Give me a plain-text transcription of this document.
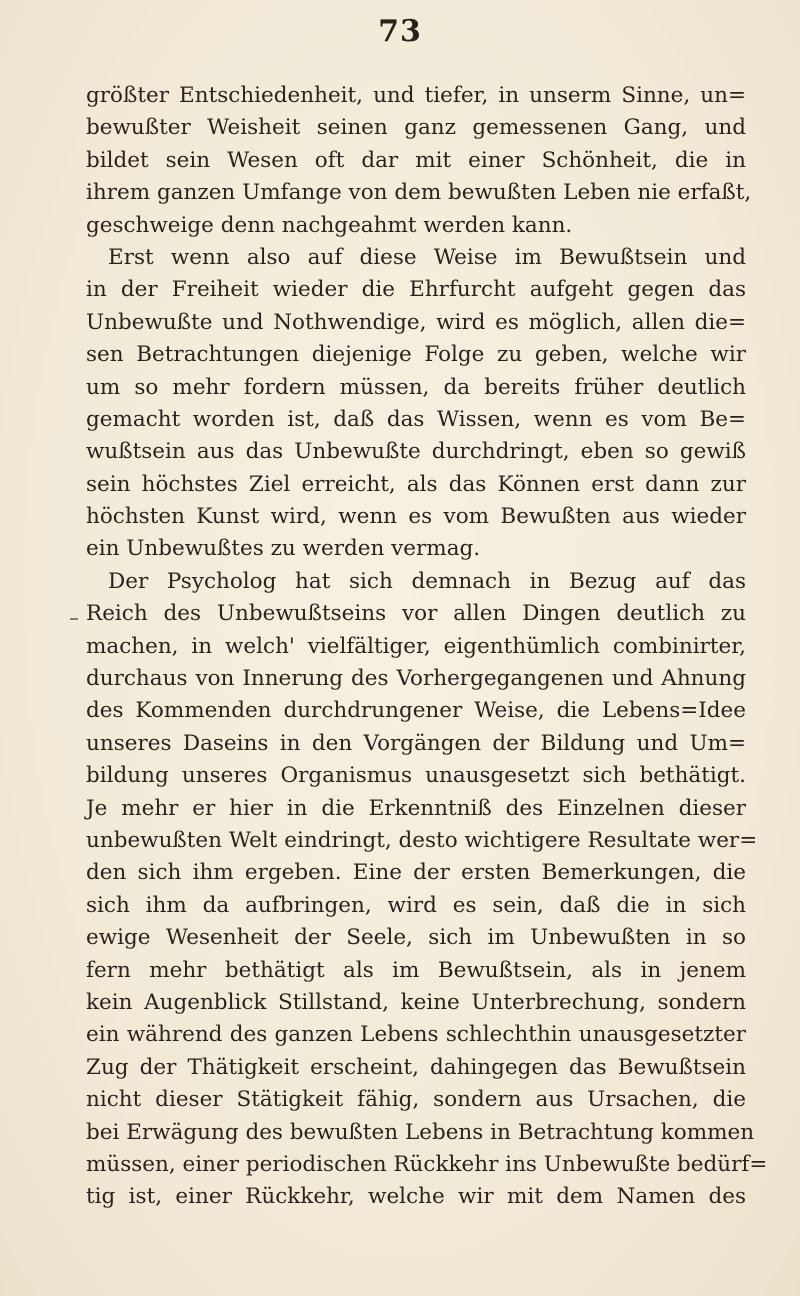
73
größter Entschiedenheit, und tiefer, in unserm Sinne, un=
bewußter Weisheit seinen ganz gemessenen Gang, und
bildet sein Wesen oft dar mit einer Schönheit, die in
ihrem ganzen Umfange von dem bewußten Leben nie erfaßt,
geschweige denn nachgeahmt werden kann.
Erst wenn also auf diese Weise im Bewußtsein und
in der Freiheit wieder die Ehrfurcht aufgeht gegen das
Unbewußte und Nothwendige, wird es möglich, allen die=
sen Betrachtungen diejenige Folge zu geben, welche wir
um so mehr fordern müssen, da bereits früher deutlich
gemacht worden ist, daß das Wissen, wenn es vom Be=
wußtsein aus das Unbewußte durchdringt, eben so gewiß
sein höchstes Ziel erreicht, als das Können erst dann zur
höchsten Kunst wird, wenn es vom Bewußten aus wieder
ein Unbewußtes zu werden vermag.
Der Psycholog hat sich demnach in Bezug auf das
Reich des Unbewußtseins vor allen Dingen deutlich zu
machen, in welch' vielfältiger, eigenthümlich combinirter,
durchaus von Innerung des Vorhergegangenen und Ahnung
des Kommenden durchdrungener Weise, die Lebens=Idee
unseres Daseins in den Vorgängen der Bildung und Um=
bildung unseres Organismus unausgesetzt sich bethätigt.
Je mehr er hier in die Erkenntniß des Einzelnen dieser
unbewußten Welt eindringt, desto wichtigere Resultate wer=
den sich ihm ergeben. Eine der ersten Bemerkungen, die
sich ihm da aufbringen, wird es sein, daß die in sich
ewige Wesenheit der Seele, sich im Unbewußten in so
fern mehr bethätigt als im Bewußtsein, als in jenem
kein Augenblick Stillstand, keine Unterbrechung, sondern
ein während des ganzen Lebens schlechthin unausgesetzter
Zug der Thätigkeit erscheint, dahingegen das Bewußtsein
nicht dieser Stätigkeit fähig, sondern aus Ursachen, die
bei Erwägung des bewußten Lebens in Betrachtung kommen
müssen, einer periodischen Rückkehr ins Unbewußte bedürf=
tig ist, einer Rückkehr, welche wir mit dem Namen des
